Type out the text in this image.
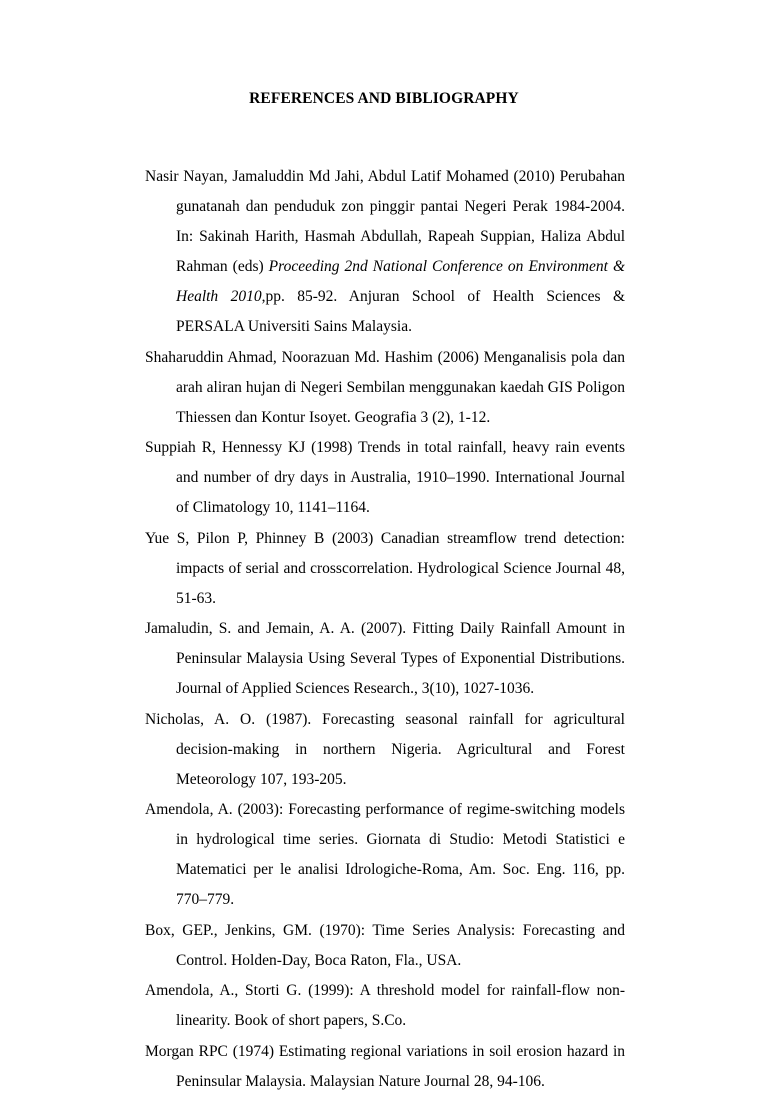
REFERENCES AND BIBLIOGRAPHY
Nasir Nayan, Jamaluddin Md Jahi, Abdul Latif Mohamed (2010) Perubahan gunatanah dan penduduk zon pinggir pantai Negeri Perak 1984-2004. In: Sakinah Harith, Hasmah Abdullah, Rapeah Suppian, Haliza Abdul Rahman (eds) Proceeding 2nd National Conference on Environment & Health 2010,pp. 85-92. Anjuran School of Health Sciences & PERSALA Universiti Sains Malaysia.
Shaharuddin Ahmad, Noorazuan Md. Hashim (2006) Menganalisis pola dan arah aliran hujan di Negeri Sembilan menggunakan kaedah GIS Poligon Thiessen dan Kontur Isoyet. Geografia 3 (2), 1-12.
Suppiah R, Hennessy KJ (1998) Trends in total rainfall, heavy rain events and number of dry days in Australia, 1910–1990. International Journal of Climatology 10, 1141–1164.
Yue S, Pilon P, Phinney B (2003) Canadian streamflow trend detection: impacts of serial and crosscorrelation. Hydrological Science Journal 48, 51-63.
Jamaludin, S. and Jemain, A. A. (2007). Fitting Daily Rainfall Amount in Peninsular Malaysia Using Several Types of Exponential Distributions. Journal of Applied Sciences Research., 3(10), 1027-1036.
Nicholas, A. O. (1987). Forecasting seasonal rainfall for agricultural decision-making in northern Nigeria. Agricultural and Forest Meteorology 107, 193-205.
Amendola, A. (2003): Forecasting performance of regime-switching models in hydrological time series. Giornata di Studio: Metodi Statistici e Matematici per le analisi Idrologiche-Roma, Am. Soc. Eng. 116, pp. 770–779.
Box, GEP., Jenkins, GM. (1970): Time Series Analysis: Forecasting and Control. Holden-Day, Boca Raton, Fla., USA.
Amendola, A., Storti G. (1999): A threshold model for rainfall-flow non-linearity. Book of short papers, S.Co.
Morgan RPC (1974) Estimating regional variations in soil erosion hazard in Peninsular Malaysia. Malaysian Nature Journal 28, 94-106.
